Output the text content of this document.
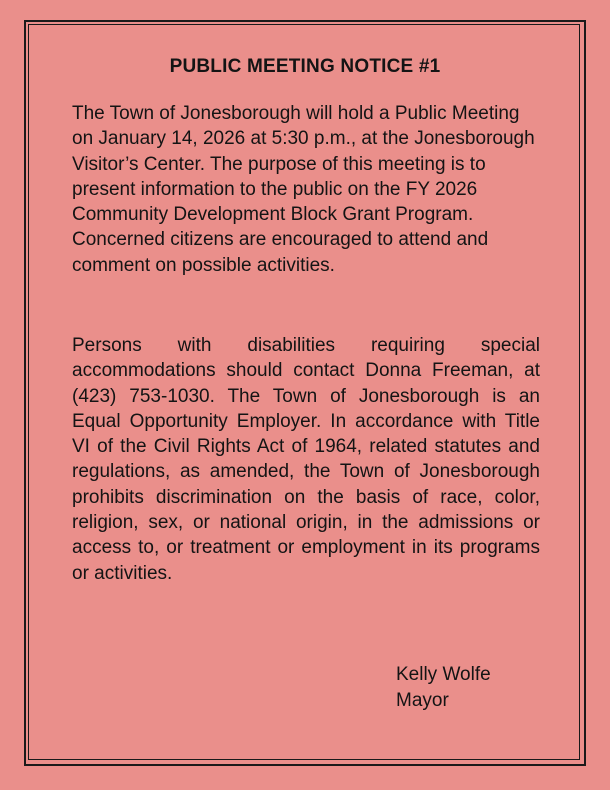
PUBLIC MEETING NOTICE #1

The Town of Jonesborough will hold a Public Meeting on January 14, 2026 at 5:30 p.m., at the Jonesborough Visitor’s Center. The purpose of this meeting is to present information to the public on the FY 2026 Community Development Block Grant Program. Concerned citizens are encouraged to attend and comment on possible activities.

Persons with disabilities requiring special accommodations should contact Donna Freeman, at (423) 753-1030. The Town of Jonesborough is an Equal Opportunity Employer. In accordance with Title VI of the Civil Rights Act of 1964, related statutes and regulations, as amended, the Town of Jonesborough prohibits discrimination on the basis of race, color, religion, sex, or national origin, in the admissions or access to, or treatment or employment in its programs or activities.

Kelly Wolfe
Mayor
